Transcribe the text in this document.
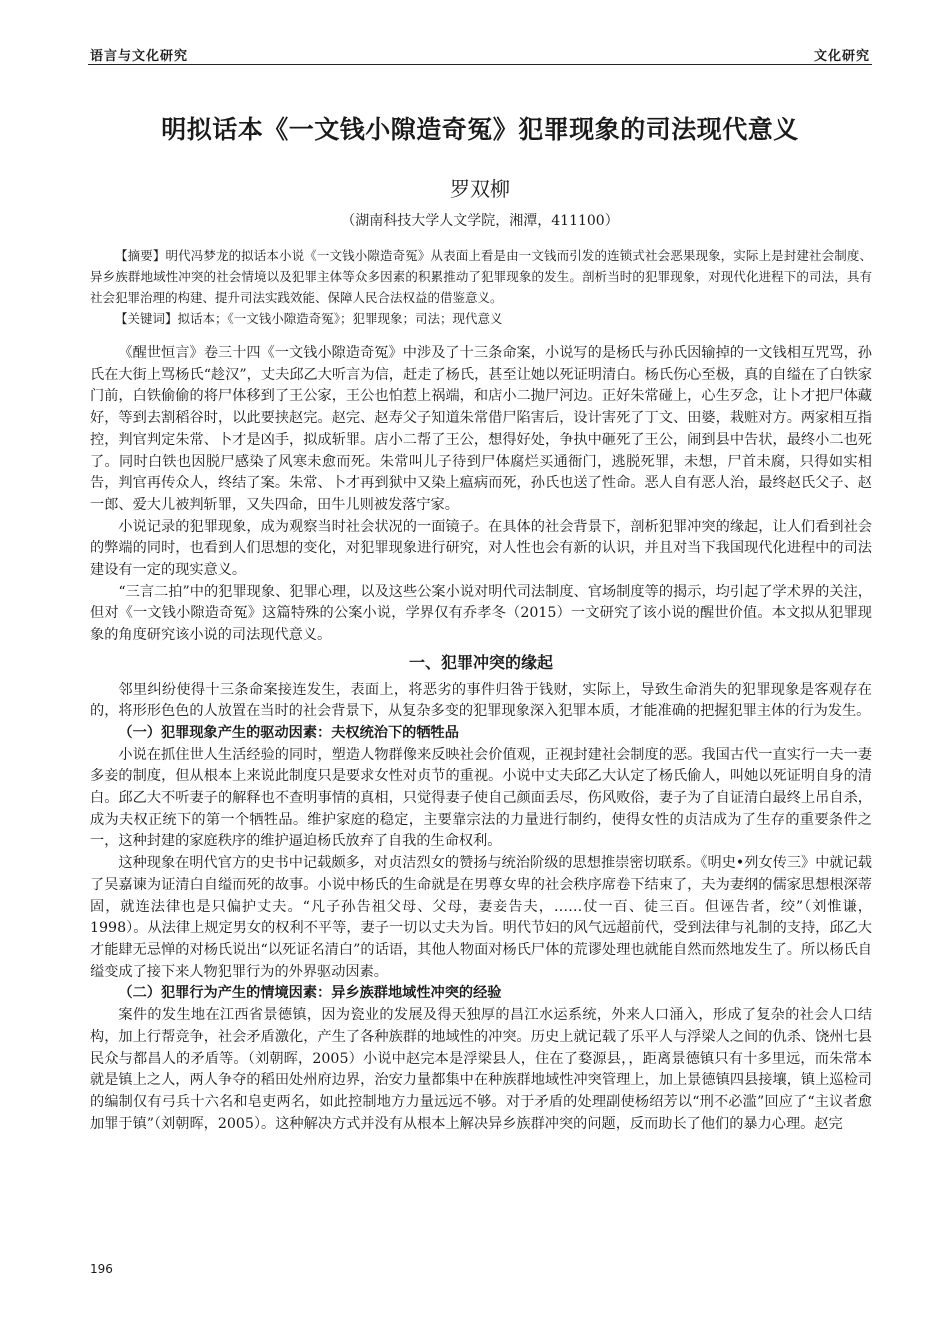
语言与文化研究	文化研究
明拟话本《一文钱小隙造奇冤》犯罪现象的司法现代意义
罗双柳
（湖南科技大学人文学院，湘潭，411100）

【摘要】明代冯梦龙的拟话本小说《一文钱小隙造奇冤》从表面上看是由一文钱而引发的连锁式社会恶果现象，实际上是封建社会制度、异乡族群地域性冲突的社会情境以及犯罪主体等众多因素的积累推动了犯罪现象的发生。剖析当时的犯罪现象，对现代化进程下的司法，具有社会犯罪治理的构建、提升司法实践效能、保障人民合法权益的借鉴意义。

【关键词】拟话本；《一文钱小隙造奇冤》；犯罪现象；司法；现代意义

《醒世恒言》卷三十四《一文钱小隙造奇冤》中涉及了十三条命案，小说写的是杨氏与孙氏因输掉的一文钱相互咒骂，孙氏在大街上骂杨氏“趁汉”，丈夫邱乙大听言为信，赶走了杨氏，甚至让她以死证明清白。杨氏伤心至极，真的自缢在了白铁家门前，白铁偷偷的将尸体移到了王公家，王公也怕惹上祸端，和店小二抛尸河边。正好朱常碰上，心生歹念，让卜才把尸体藏好，等到去割稻谷时，以此要挟赵完。赵完、赵寿父子知道朱常借尸陷害后，设计害死了丁文、田婆，栽赃对方。两家相互指控，判官判定朱常、卜才是凶手，拟成斩罪。店小二帮了王公，想得好处，争执中砸死了王公，闹到县中告状，最终小二也死了。同时白铁也因脱尸感染了风寒未愈而死。朱常叫儿子待到尸体腐烂买通衙门，逃脱死罪，未想，尸首未腐，只得如实相告，判官再传众人，终结了案。朱常、卜才再到狱中又染上瘟病而死，孙氏也送了性命。恶人自有恶人治，最终赵氏父子、赵一郎、爱大儿被判斩罪，又失四命，田牛儿则被发落宁家。

小说记录的犯罪现象，成为观察当时社会状况的一面镜子。在具体的社会背景下，剖析犯罪冲突的缘起，让人们看到社会的弊端的同时，也看到人们思想的变化，对犯罪现象进行研究，对人性也会有新的认识，并且对当下我国现代化进程中的司法建设有一定的现实意义。

“三言二拍”中的犯罪现象、犯罪心理，以及这些公案小说对明代司法制度、官场制度等的揭示，均引起了学术界的关注，但对《一文钱小隙造奇冤》这篇特殊的公案小说，学界仅有乔孝冬（2015）一文研究了该小说的醒世价值。本文拟从犯罪现象的角度研究该小说的司法现代意义。

一、犯罪冲突的缘起

邻里纠纷使得十三条命案接连发生，表面上，将恶劣的事件归咎于钱财，实际上，导致生命消失的犯罪现象是客观存在的，将形形色色的人放置在当时的社会背景下，从复杂多变的犯罪现象深入犯罪本质，才能准确的把握犯罪主体的行为发生。

（一）犯罪现象产生的驱动因素：夫权统治下的牺牲品

小说在抓住世人生活经验的同时，塑造人物群像来反映社会价值观，正视封建社会制度的恶。我国古代一直实行一夫一妻多妾的制度，但从根本上来说此制度只是要求女性对贞节的重视。小说中丈夫邱乙大认定了杨氏偷人，叫她以死证明自身的清白。邱乙大不听妻子的解释也不查明事情的真相，只觉得妻子使自己颜面丢尽，伤风败俗，妻子为了自证清白最终上吊自杀，成为夫权正统下的第一个牺牲品。维护家庭的稳定，主要靠宗法的力量进行制约，使得女性的贞洁成为了生存的重要条件之一，这种封建的家庭秩序的维护逼迫杨氏放弃了自我的生命权利。

这种现象在明代官方的史书中记载颇多，对贞洁烈女的赞扬与统治阶级的思想推崇密切联系。《明史•列女传三》中就记载了吴嘉谏为证清白自缢而死的故事。小说中杨氏的生命就是在男尊女卑的社会秩序席卷下结束了，夫为妻纲的儒家思想根深蒂固，就连法律也是只偏护丈夫。“凡子孙告祖父母、父母，妻妾告夫，……仗一百、徒三百。但诬告者，绞”（刘惟谦，1998）。从法律上规定男女的权利不平等，妻子一切以丈夫为旨。明代节妇的风气远超前代，受到法律与礼制的支持，邱乙大才能肆无忌惮的对杨氏说出“以死证名清白”的话语，其他人物面对杨氏尸体的荒谬处理也就能自然而然地发生了。所以杨氏自缢变成了接下来人物犯罪行为的外界驱动因素。

（二）犯罪行为产生的情境因素：异乡族群地域性冲突的经验

案件的发生地在江西省景德镇，因为瓷业的发展及得天独厚的昌江水运系统，外来人口涌入，形成了复杂的社会人口结构，加上行帮竞争，社会矛盾激化，产生了各种族群的地域性的冲突。历史上就记载了乐平人与浮梁人之间的仇杀、饶州七县民众与都昌人的矛盾等。（刘朝晖，2005）小说中赵完本是浮梁县人，住在了婺源县，，距离景德镇只有十多里远，而朱常本就是镇上之人，两人争夺的稻田处州府边界，治安力量都集中在种族群地域性冲突管理上，加上景德镇四县接壤，镇上巡检司的编制仅有弓兵十六名和皂吏两名，如此控制地方力量远远不够。对于矛盾的处理副使杨绍芳以“刑不必滥”回应了“主议者愈加罪于镇”（刘朝晖，2005）。这种解决方式并没有从根本上解决异乡族群冲突的问题，反而助长了他们的暴力心理。赵完

196
